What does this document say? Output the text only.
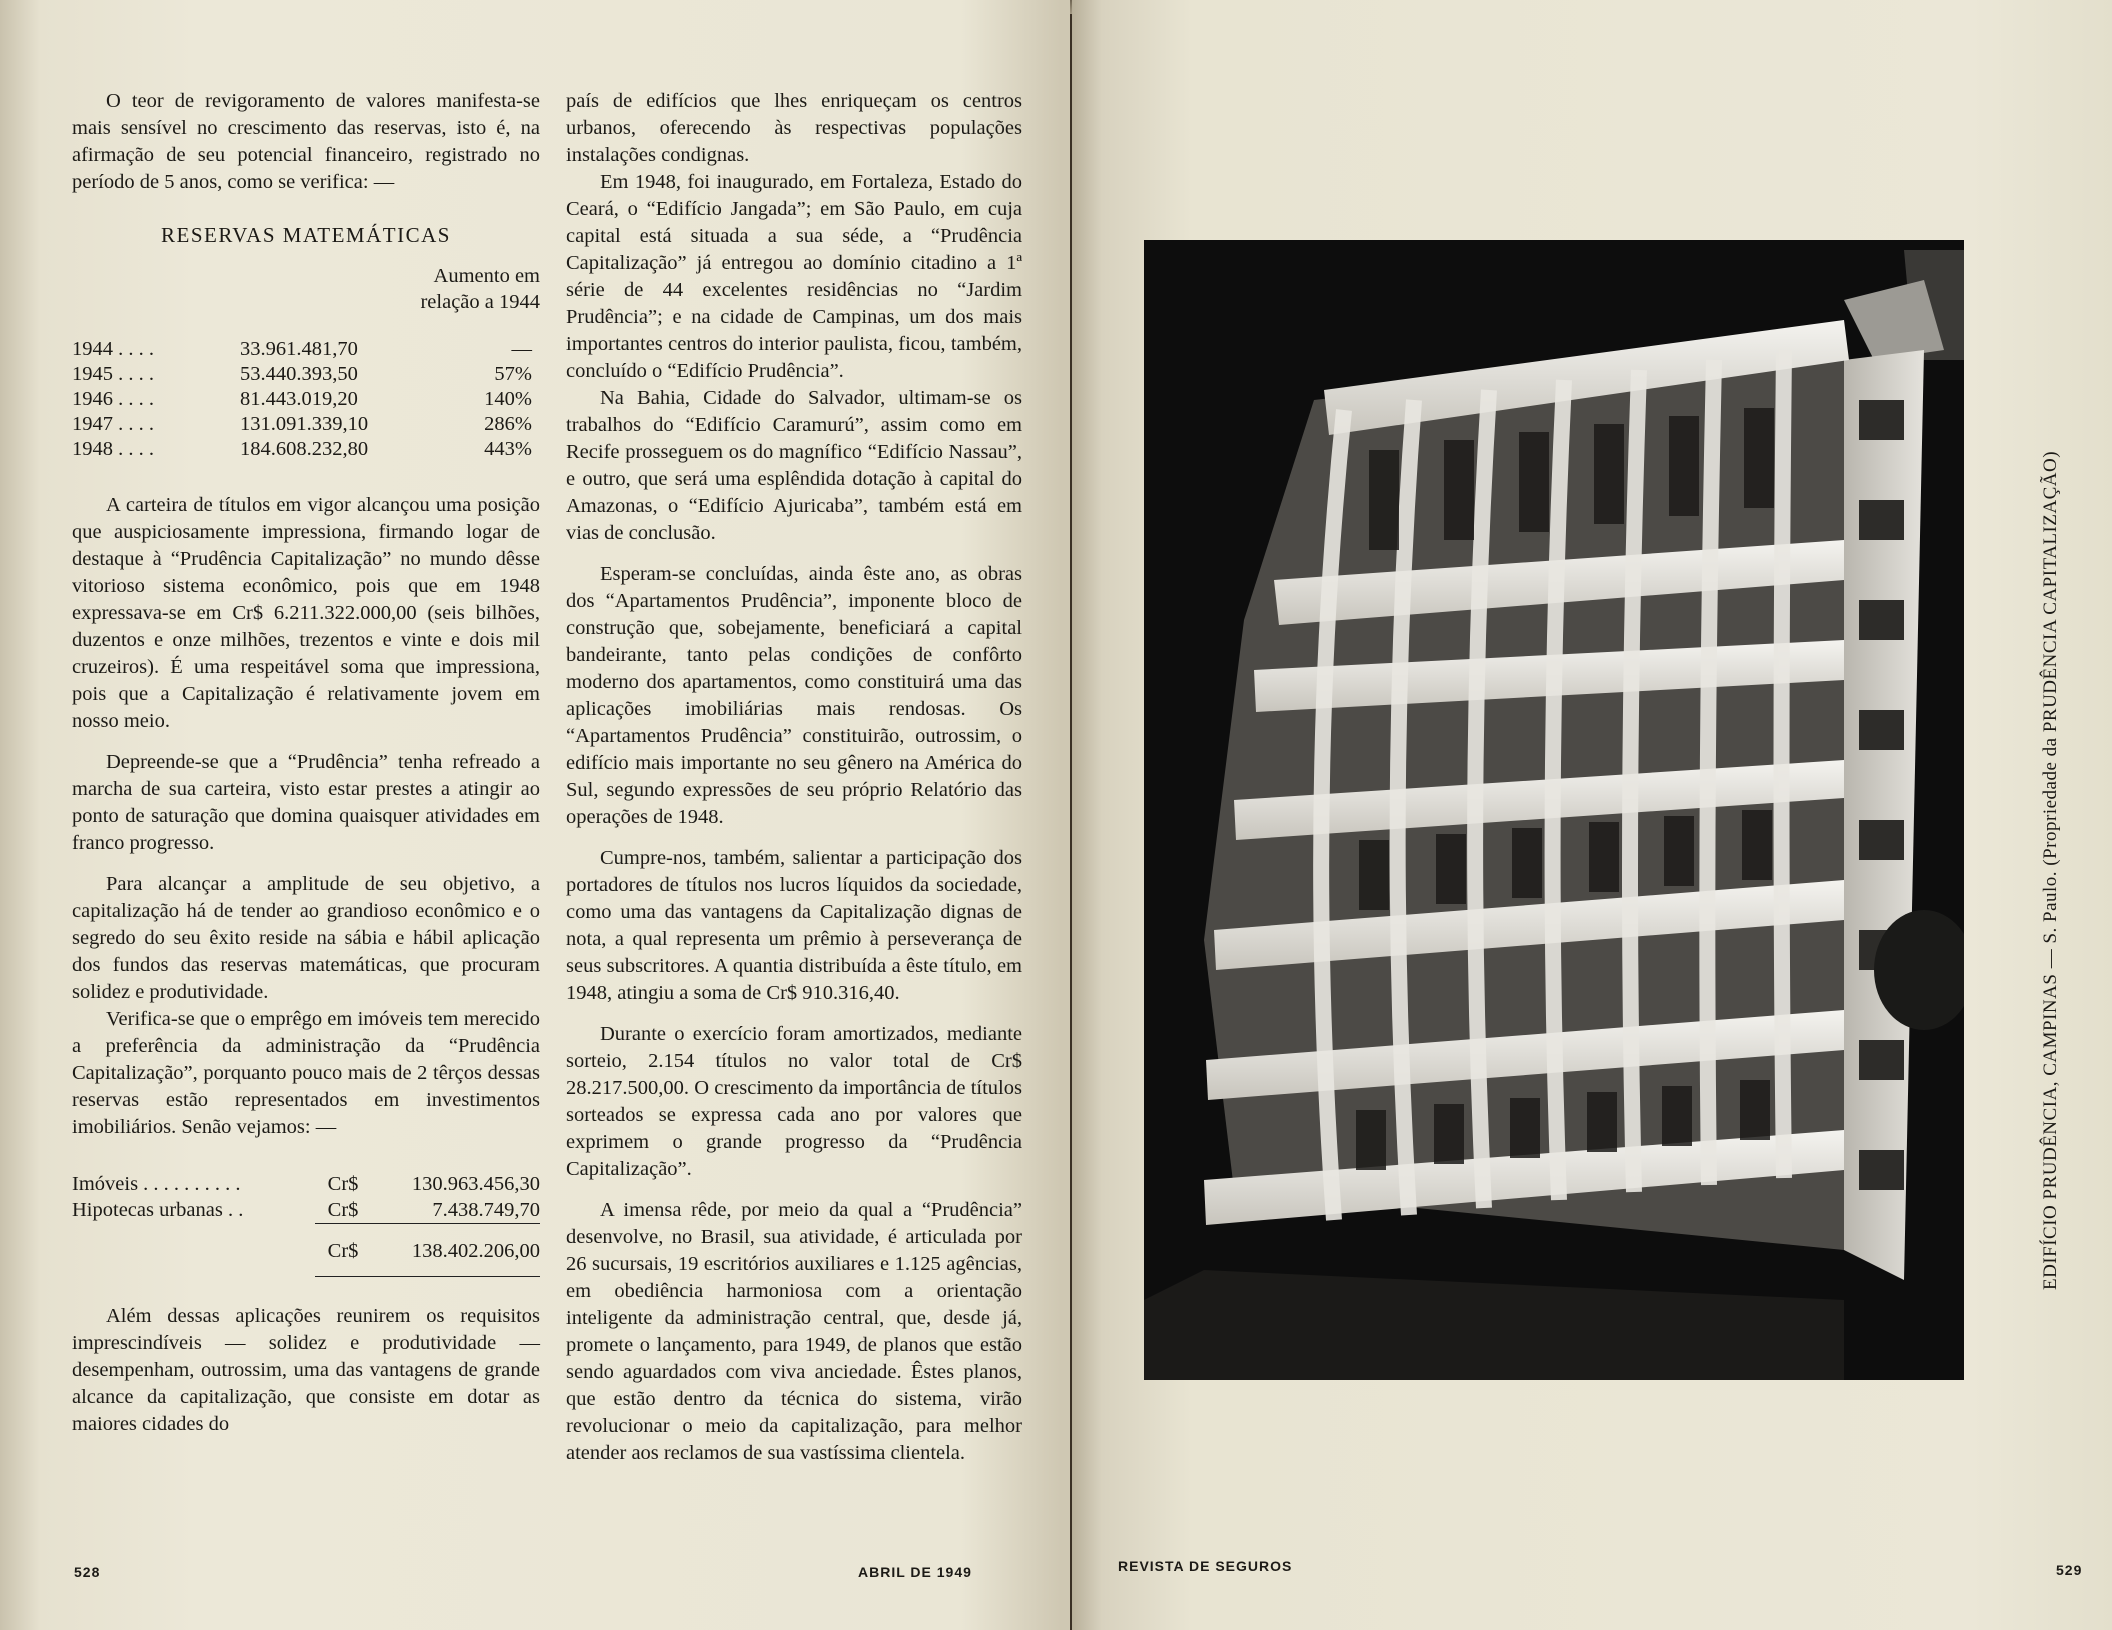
O teor de revigoramento de valores manifesta-se mais sensível no crescimento das reservas, isto é, na afirmação de seu potencial financeiro, registrado no período de 5 anos, como se verifica: —

RESERVAS MATEMÁTICAS
Aumento em
relação a 1944
1944 . . . .	33.961.481,70	—
1945 . . . .	53.440.393,50	57%
1946 . . . .	81.443.019,20	140%
1947 . . . .	131.091.339,10	286%
1948 . . . .	184.608.232,80	443%

A carteira de títulos em vigor alcançou uma posição que auspiciosamente impressiona, firmando logar de destaque à “Prudência Capitalização” no mundo dêsse vitorioso sistema econômico, pois que em 1948 expressava-se em Cr$ 6.211.322.000,00 (seis bilhões, duzentos e onze milhões, trezentos e vinte e dois mil cruzeiros). É uma respeitável soma que impressiona, pois que a Capitalização é relativamente jovem em nosso meio.

Depreende-se que a “Prudência” tenha refreado a marcha de sua carteira, visto estar prestes a atingir ao ponto de saturação que domina quaisquer atividades em franco progresso.

Para alcançar a amplitude de seu objetivo, a capitalização há de tender ao grandioso econômico e o segredo do seu êxito reside na sábia e hábil aplicação dos fundos das reservas matemáticas, que procuram solidez e produtividade.

Verifica-se que o emprêgo em imóveis tem merecido a preferência da administração da “Prudência Capitalização”, porquanto pouco mais de 2 têrços dessas reservas estão representados em investimentos imobiliários. Senão vejamos: —

Imóveis . . . . . . . . . .	Cr$	130.963.456,30
Hipotecas urbanas . .	Cr$	7.438.749,70
	Cr$	138.402.206,00

Além dessas aplicações reunirem os requisitos imprescindíveis — solidez e produtividade — desempenham, outrossim, uma das vantagens de grande alcance da capitalização, que consiste em dotar as maiores cidades do

país de edifícios que lhes enriqueçam os centros urbanos, oferecendo às respectivas populações instalações condignas.

Em 1948, foi inaugurado, em Fortaleza, Estado do Ceará, o “Edifício Jangada”; em São Paulo, em cuja capital está situada a sua séde, a “Prudência Capitalização” já entregou ao domínio citadino a 1ª série de 44 excelentes residências no “Jardim Prudência”; e na cidade de Campinas, um dos mais importantes centros do interior paulista, ficou, também, concluído o “Edifício Prudência”.

Na Bahia, Cidade do Salvador, ultimam-se os trabalhos do “Edifício Caramurú”, assim como em Recife prosseguem os do magnífico “Edifício Nassau”, e outro, que será uma esplêndida dotação à capital do Amazonas, o “Edifício Ajuricaba”, também está em vias de conclusão.

Esperam-se concluídas, ainda êste ano, as obras dos “Apartamentos Prudência”, imponente bloco de construção que, sobejamente, beneficiará a capital bandeirante, tanto pelas condições de confôrto moderno dos apartamentos, como constituirá uma das aplicações imobiliárias mais rendosas. Os “Apartamentos Prudência” constituirão, outrossim, o edifício mais importante no seu gênero na América do Sul, segundo expressões de seu próprio Relatório das operações de 1948.

Cumpre-nos, também, salientar a participação dos portadores de títulos nos lucros líquidos da sociedade, como uma das vantagens da Capitalização dignas de nota, a qual representa um prêmio à perseverança de seus subscritores. A quantia distribuída a êste título, em 1948, atingiu a soma de Cr$ 910.316,40.

Durante o exercício foram amortizados, mediante sorteio, 2.154 títulos no valor total de Cr$ 28.217.500,00. O crescimento da importância de títulos sorteados se expressa cada ano por valores que exprimem o grande progresso da “Prudência Capitalização”.

A imensa rêde, por meio da qual a “Prudência” desenvolve, no Brasil, sua atividade, é articulada por 26 sucursais, 19 escritórios auxiliares e 1.125 agências, em obediência harmoniosa com a orientação inteligente da administração central, que, desde já, promete o lançamento, para 1949, de planos que estão sendo aguardados com viva anciedade. Êstes planos, que estão dentro da técnica do sistema, virão revolucionar o meio da capitalização, para melhor atender aos reclamos de sua vastíssima clientela.

528	ABRIL DE 1949	REVISTA DE SEGUROS	529
EDIFÍCIO PRUDÊNCIA, CAMPINAS — S. Paulo. (Propriedade da PRUDÊNCIA CAPITALIZAÇÃO)
